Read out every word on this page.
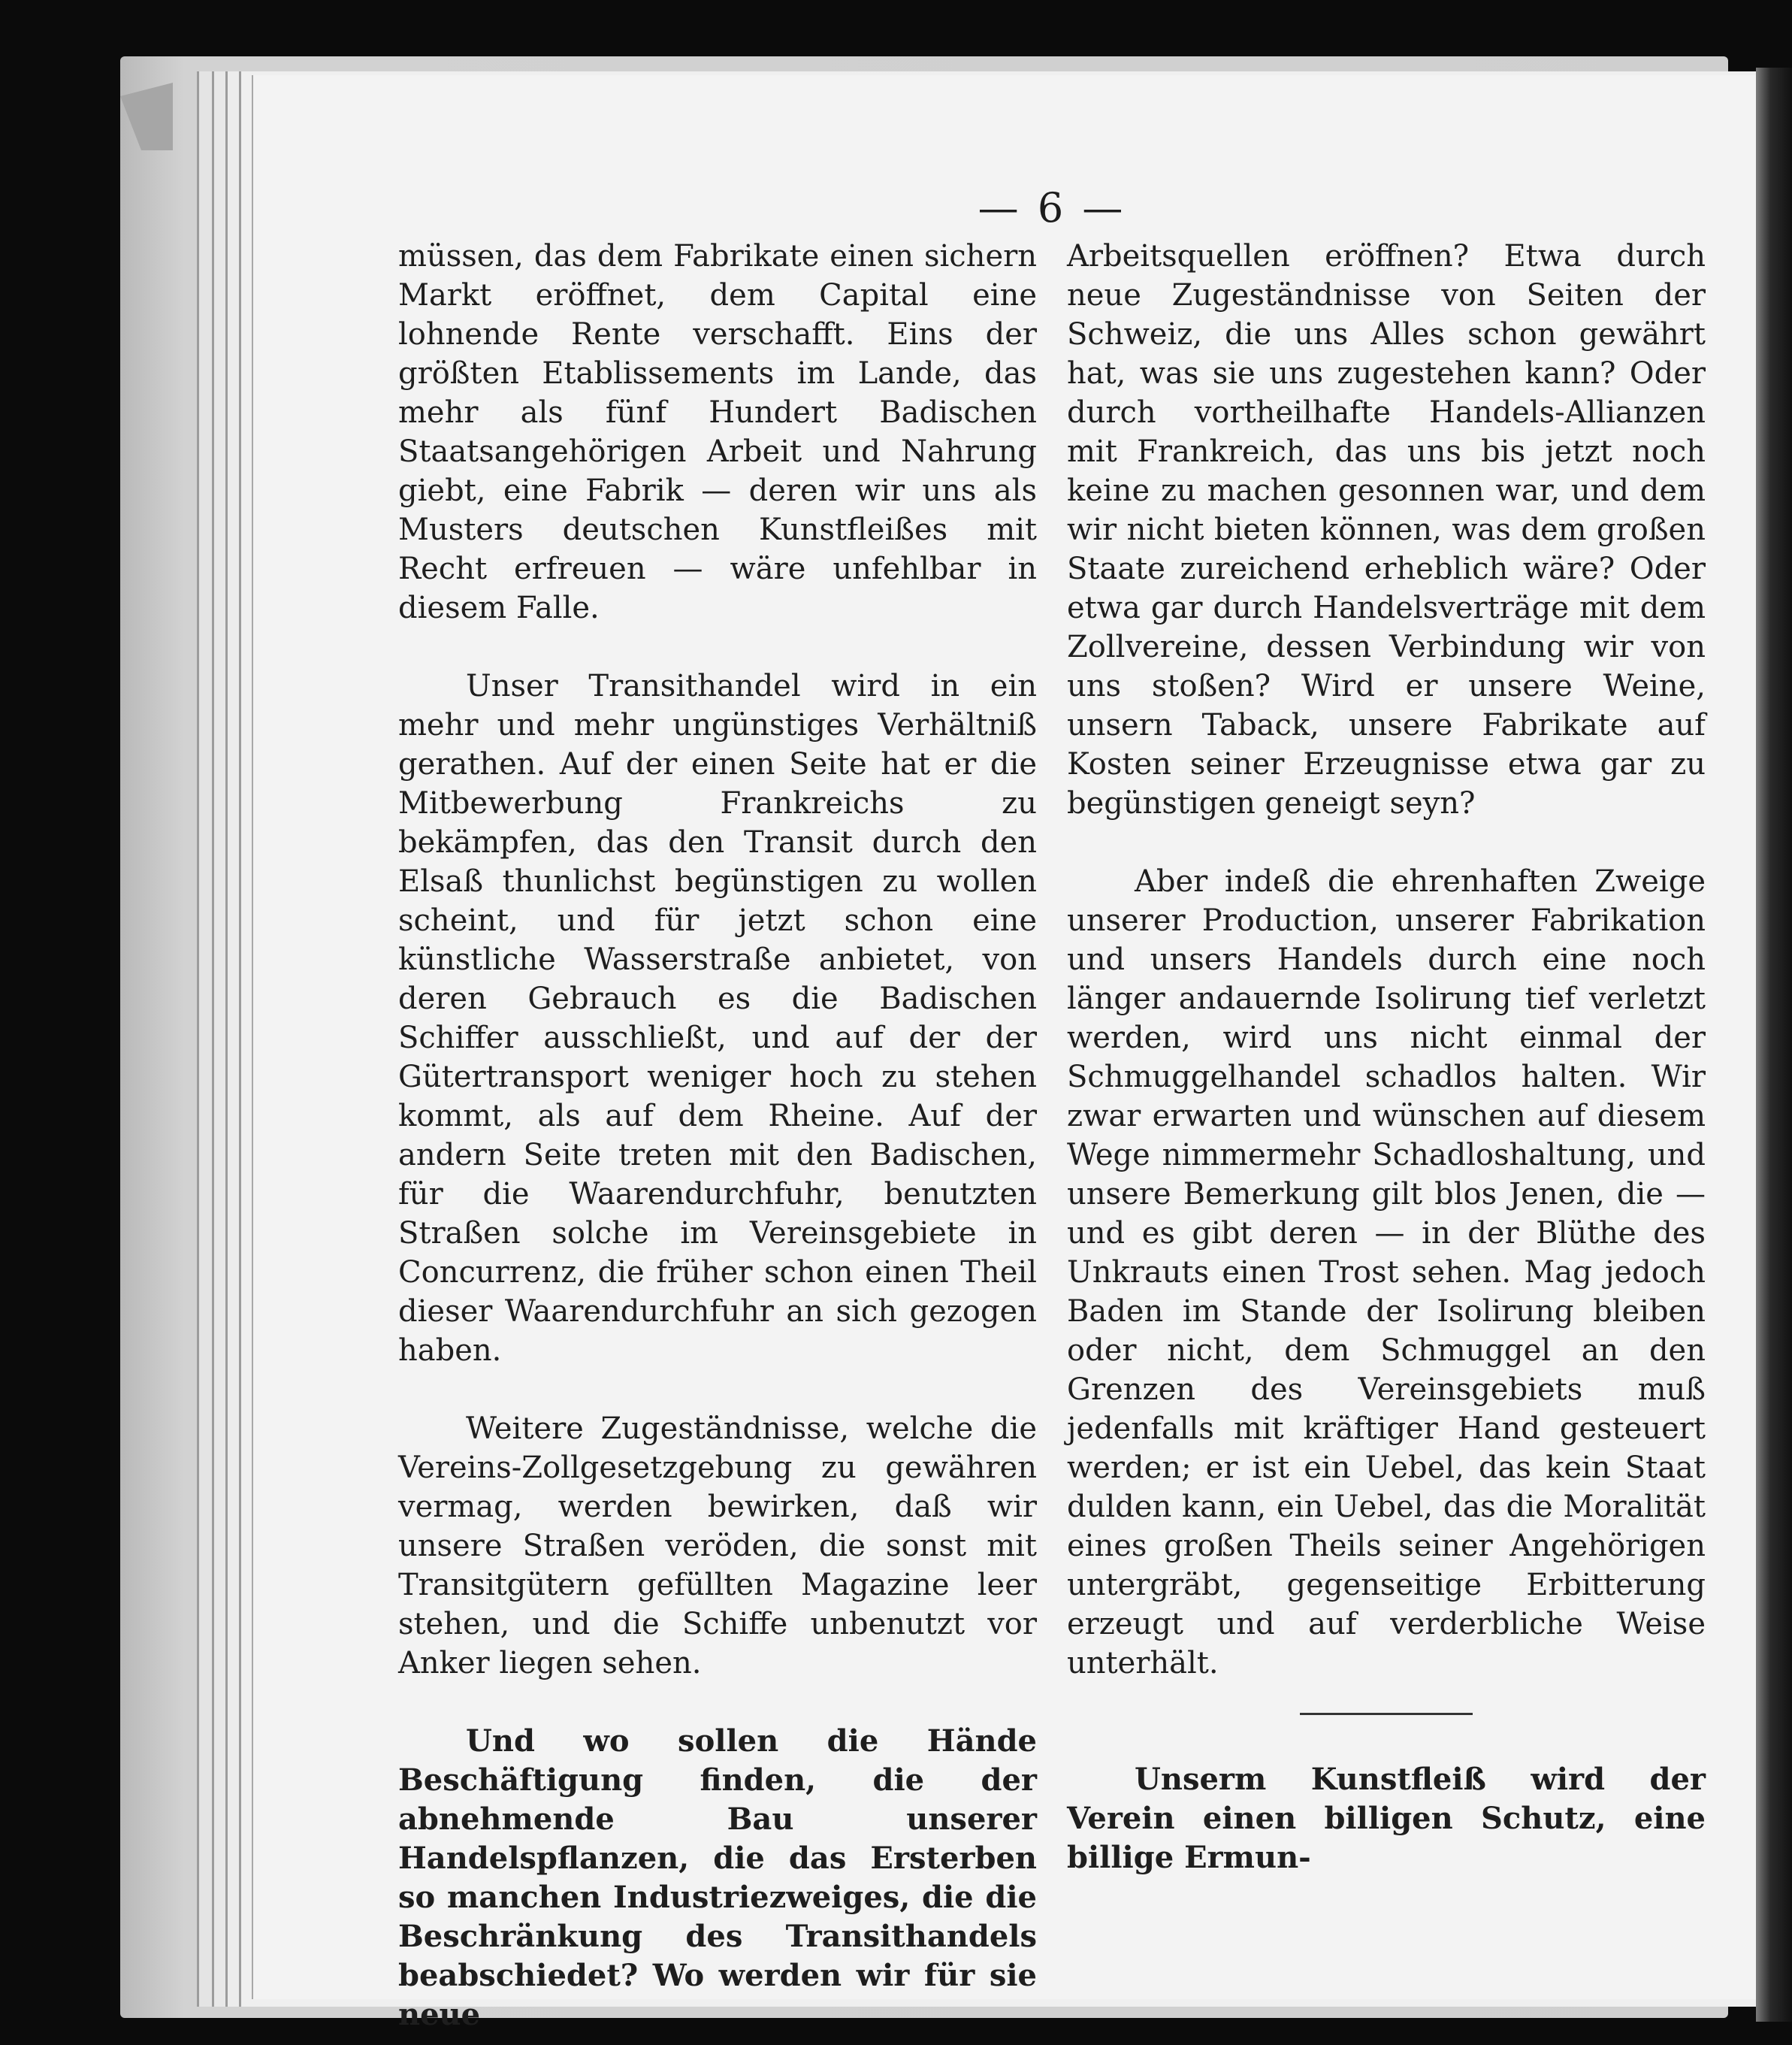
— 6 —

müssen, das dem Fabrikate einen sichern Markt eröffnet, dem Capital eine lohnende Rente verschafft. Eins der größten Etablissements im Lande, das mehr als fünf Hundert Badischen Staatsangehörigen Arbeit und Nahrung giebt, eine Fabrik — deren wir uns als Musters deutschen Kunstfleißes mit Recht erfreuen — wäre unfehlbar in diesem Falle.

Unser Transithandel wird in ein mehr und mehr ungünstiges Verhältniß gerathen. Auf der einen Seite hat er die Mitbewerbung Frankreichs zu bekämpfen, das den Transit durch den Elsaß thunlichst begünstigen zu wollen scheint, und für jetzt schon eine künstliche Wasserstraße anbietet, von deren Gebrauch es die Badischen Schiffer ausschließt, und auf der der Gütertransport weniger hoch zu stehen kommt, als auf dem Rheine. Auf der andern Seite treten mit den Badischen, für die Waarendurchfuhr, benutzten Straßen solche im Vereinsgebiete in Concurrenz, die früher schon einen Theil dieser Waarendurchfuhr an sich gezogen haben.

Weitere Zugeständnisse, welche die Vereins-Zollgesetzgebung zu gewähren vermag, werden bewirken, daß wir unsere Straßen veröden, die sonst mit Transitgütern gefüllten Magazine leer stehen, und die Schiffe unbenutzt vor Anker liegen sehen.

Und wo sollen die Hände Beschäftigung finden, die der abnehmende Bau unserer Handelspflanzen, die das Ersterben so manchen Industriezweiges, die die Beschränkung des Transithandels beabschiedet? Wo werden wir für sie neue

Arbeitsquellen eröffnen? Etwa durch neue Zugeständnisse von Seiten der Schweiz, die uns Alles schon gewährt hat, was sie uns zugestehen kann? Oder durch vortheilhafte Handels-Allianzen mit Frankreich, das uns bis jetzt noch keine zu machen gesonnen war, und dem wir nicht bieten können, was dem großen Staate zureichend erheblich wäre? Oder etwa gar durch Handelsverträge mit dem Zollvereine, dessen Verbindung wir von uns stoßen? Wird er unsere Weine, unsern Taback, unsere Fabrikate auf Kosten seiner Erzeugnisse etwa gar zu begünstigen geneigt seyn?

Aber indeß die ehrenhaften Zweige unserer Production, unserer Fabrikation und unsers Handels durch eine noch länger andauernde Isolirung tief verletzt werden, wird uns nicht einmal der Schmuggelhandel schadlos halten. Wir zwar erwarten und wünschen auf diesem Wege nimmermehr Schadloshaltung, und unsere Bemerkung gilt blos Jenen, die — und es gibt deren — in der Blüthe des Unkrauts einen Trost sehen. Mag jedoch Baden im Stande der Isolirung bleiben oder nicht, dem Schmuggel an den Grenzen des Vereinsgebiets muß jedenfalls mit kräftiger Hand gesteuert werden; er ist ein Uebel, das kein Staat dulden kann, ein Uebel, das die Moralität eines großen Theils seiner Angehörigen untergräbt, gegenseitige Erbitterung erzeugt und auf verderbliche Weise unterhält.

Unserm Kunstfleiß wird der Verein einen billigen Schutz, eine billige Ermun-
